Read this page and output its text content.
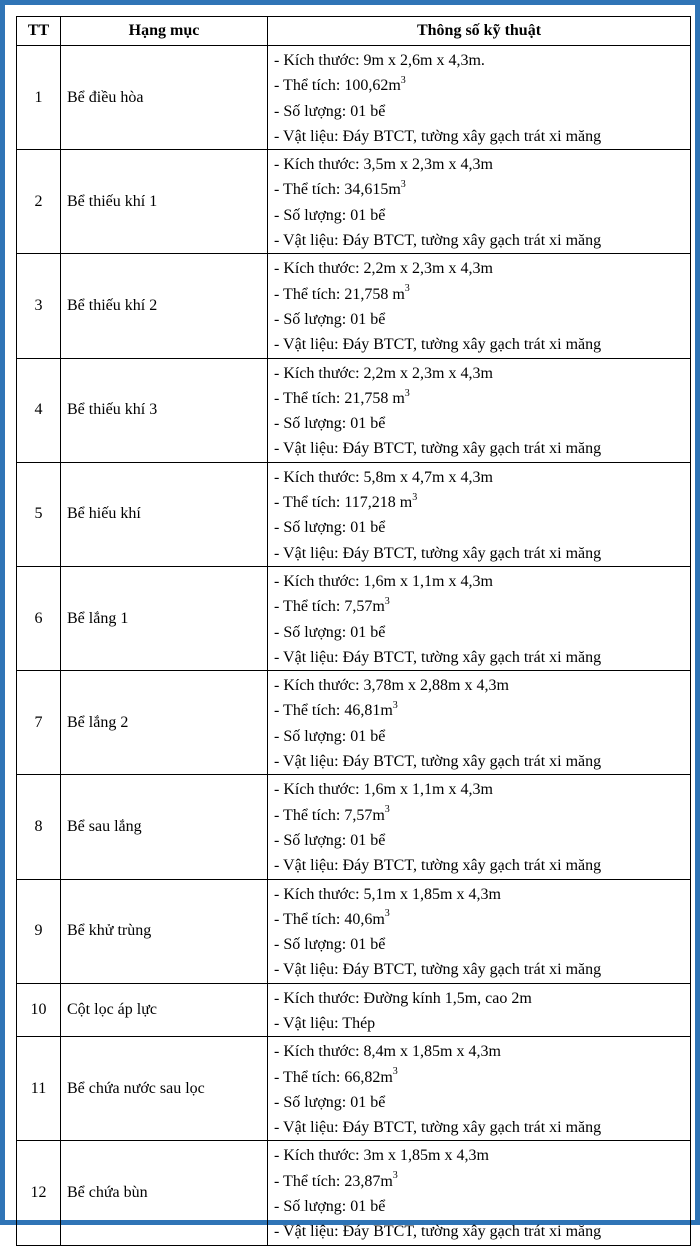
TT	Hạng mục	Thông số kỹ thuật
1	Bể điều hòa	- Kích thước: 9m x 2,6m x 4,3m.
- Thể tích: $100,62m^3$
- Số lượng: 01 bể
- Vật liệu: Đáy BTCT, tường xây gạch trát xi măng

2	Bể thiếu khí 1	- Kích thước: 3,5m x 2,3m x 4,3m
- Thể tích: $34,615m^3$
- Số lượng: 01 bể
- Vật liệu: Đáy BTCT, tường xây gạch trát xi măng

3	Bể thiếu khí 2	- Kích thước: 2,2m x 2,3m x 4,3m
- Thể tích: 21,758 $m^3$
- Số lượng: 01 bể
- Vật liệu: Đáy BTCT, tường xây gạch trát xi măng

4	Bể thiếu khí 3	- Kích thước: 2,2m x 2,3m x 4,3m
- Thể tích: 21,758 $m^3$
- Số lượng: 01 bể
- Vật liệu: Đáy BTCT, tường xây gạch trát xi măng

5	Bể hiếu khí	- Kích thước: 5,8m x 4,7m x 4,3m
- Thể tích: 117,218 $m^3$
- Số lượng: 01 bể
- Vật liệu: Đáy BTCT, tường xây gạch trát xi măng

6	Bể lắng 1	- Kích thước: 1,6m x 1,1m x 4,3m
- Thể tích: $7,57m^3$
- Số lượng: 01 bể
- Vật liệu: Đáy BTCT, tường xây gạch trát xi măng

7	Bể lắng 2	- Kích thước: 3,78m x 2,88m x 4,3m
- Thể tích: $46,81m^3$
- Số lượng: 01 bể
- Vật liệu: Đáy BTCT, tường xây gạch trát xi măng

8	Bể sau lắng	- Kích thước: 1,6m x 1,1m x 4,3m
- Thể tích: $7,57m^3$
- Số lượng: 01 bể
- Vật liệu: Đáy BTCT, tường xây gạch trát xi măng

9	Bể khử trùng	- Kích thước: 5,1m x 1,85m x 4,3m
- Thể tích: $40,6m^3$
- Số lượng: 01 bể
- Vật liệu: Đáy BTCT, tường xây gạch trát xi măng

10	Cột lọc áp lực	- Kích thước: Đường kính 1,5m, cao 2m
- Vật liệu: Thép

11	Bể chứa nước sau lọc	- Kích thước: 8,4m x 1,85m x 4,3m
- Thể tích: $66,82m^3$
- Số lượng: 01 bể
- Vật liệu: Đáy BTCT, tường xây gạch trát xi măng

12	Bể chứa bùn	- Kích thước: 3m x 1,85m x 4,3m
- Thể tích: $23,87m^3$
- Số lượng: 01 bể
- Vật liệu: Đáy BTCT, tường xây gạch trát xi măng
